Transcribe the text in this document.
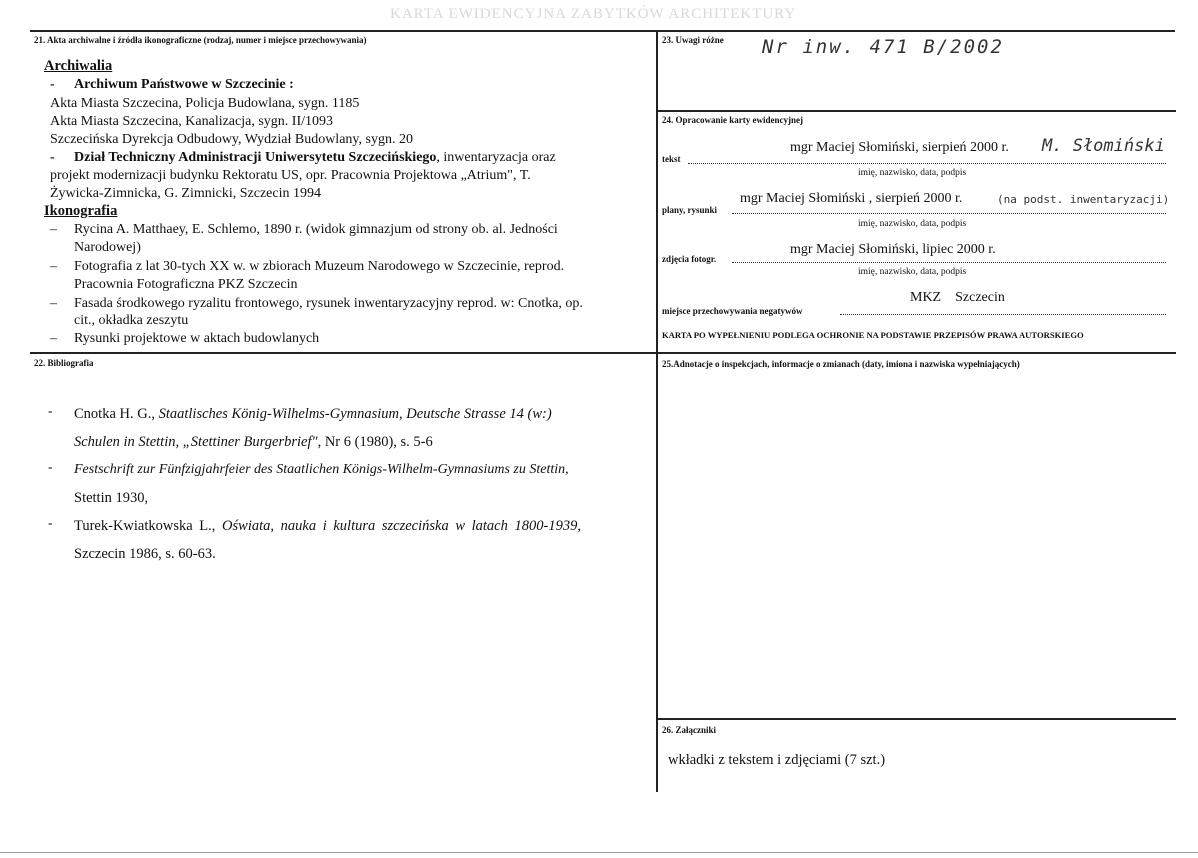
KARTA EWIDENCYJNA ZABYTKÓW ARCHITEKTURY
21. Akta archiwalne i źródła ikonograficzne (rodzaj, numer i miejsce przechowywania)
Archiwalia
- Archiwum Państwowe w Szczecinie :
Akta Miasta Szczecina, Policja Budowlana, sygn. 1185
Akta Miasta Szczecina, Kanalizacja, sygn. II/1093
Szczecińska Dyrekcja Odbudowy, Wydział Budowlany, sygn. 20
- Dział Techniczny Administracji Uniwersytetu Szczecińskiego, inwentaryzacja oraz
projekt modernizacji budynku Rektoratu US, opr. Pracownia Projektowa „Atrium", T.
Żywicka-Zimnicka, G. Zimnicki, Szczecin 1994
Ikonografia
– Rycina A. Matthaey, E. Schlemo, 1890 r. (widok gimnazjum od strony ob. al. Jedności
Narodowej)
– Fotografia z lat 30-tych XX w. w zbiorach Muzeum Narodowego w Szczecinie, reprod.
Pracownia Fotograficzna PKZ Szczecin
– Fasada środkowego ryzalitu frontowego, rysunek inwentaryzacyjny reprod. w: Cnotka, op.
cit., okładka zeszytu
– Rysunki projektowe w aktach budowlanych
22. Bibliografia
- Cnotka H. G., Staatlisches König-Wilhelms-Gymnasium, Deutsche Strasse 14 (w:)
Schulen in Stettin, „Stettiner Burgerbrief", Nr 6 (1980), s. 5-6
- Festschrift zur Fünfzigjahrfeier des Staatlichen Königs-Wilhelm-Gymnasiums zu Stettin,
Stettin 1930,
- Turek-Kwiatkowska L., Oświata, nauka i kultura szczecińska w latach 1800-1939,
Szczecin 1986, s. 60-63.
23. Uwagi różne Nr inw. 471 B/2002
24. Opracowanie karty ewidencyjnej
mgr Maciej Słomiński, sierpień 2000 r. M. Słomiński
tekst
imię, nazwisko, data, podpis
mgr Maciej Słomiński , sierpień 2000 r.	(na podst. inwentaryzacji)
plany, rysunki
imię, nazwisko, data, podpis
mgr Maciej Słomiński, lipiec 2000 r.
zdjęcia fotogr.
imię, nazwisko, data, podpis
MKZ    Szczecin
miejsce przechowywania negatywów
KARTA PO WYPEŁNIENIU PODLEGA OCHRONIE NA PODSTAWIE PRZEPISÓW PRAWA AUTORSKIEGO
25.Adnotacje o inspekcjach, informacje o zmianach (daty, imiona i nazwiska wypełniających)
26. Załączniki
wkładki z tekstem i zdjęciami (7 szt.)
